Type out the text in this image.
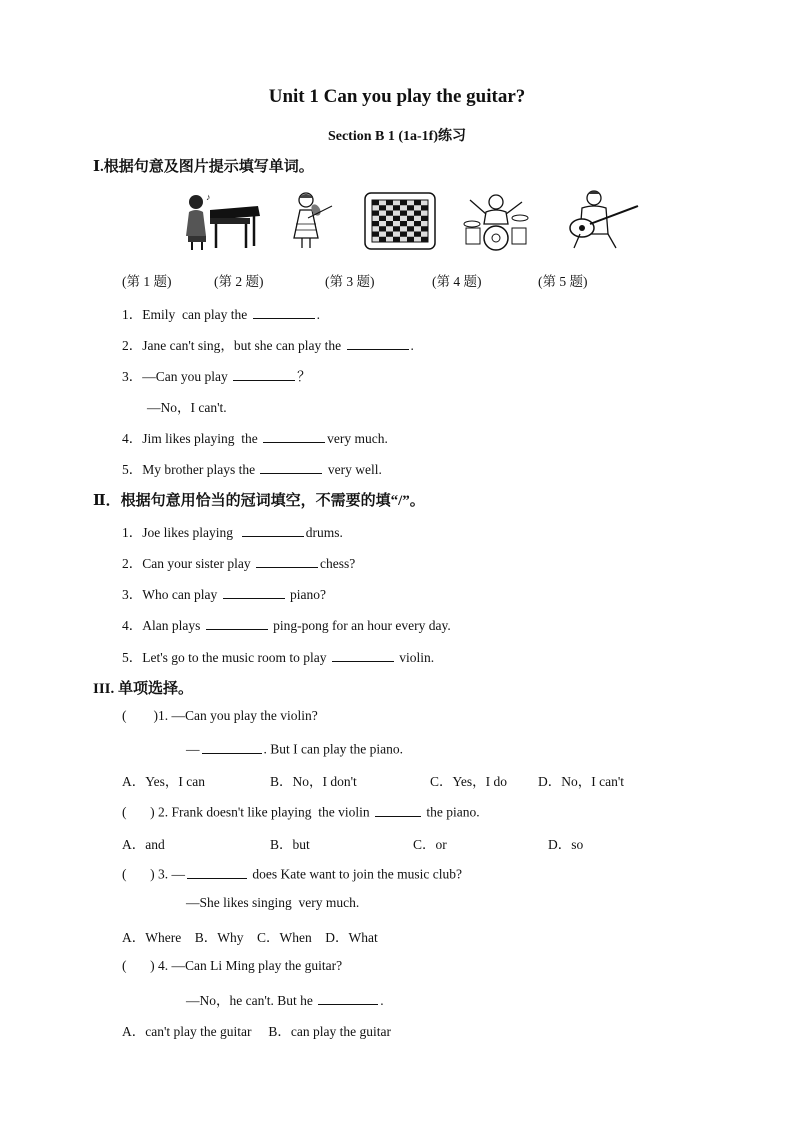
Unit 1 Can you play the guitar?
Section B 1 (1a-1f)练习
Ⅰ.根据句意及图片提示填写单词。
♪
(第 1 题)	(第 2 题)	(第 3 题)	(第 4 题)	(第 5 题)
1．Emily  can play the	.
2．Jane can't sing，but she can play the	.
3．—Can you play	？
—No，I can't.
4．Jim likes playing  the	very much.
5．My brother plays the	very well.
Ⅱ．根据句意用恰当的冠词填空，不需要的填“/”。
1．Joe likes playing	drums.
2．Can your sister play	chess?
3．Who can play	piano?
4．Alan plays	ping-pong for an hour every day.
5．Let's go to the music room to play	violin.
III. 单项选择。
(        )1. —Can you play the violin?
—	. But I can play the piano.
A．Yes，I can	B．No，I don't	C．Yes，I do D．No，I can't
(       ) 2. Frank doesn't like playing  the violin	the piano.
A．and	B．but	C．or	D．so
(       ) 3. —	does Kate want to join the music club?
—She likes singing  very much.
A．Where    B．Why    C．When    D．What
(       ) 4. —Can Li Ming play the guitar?
—No，he can't. But he	.
A．can't play the guitar     B．can play the guitar
